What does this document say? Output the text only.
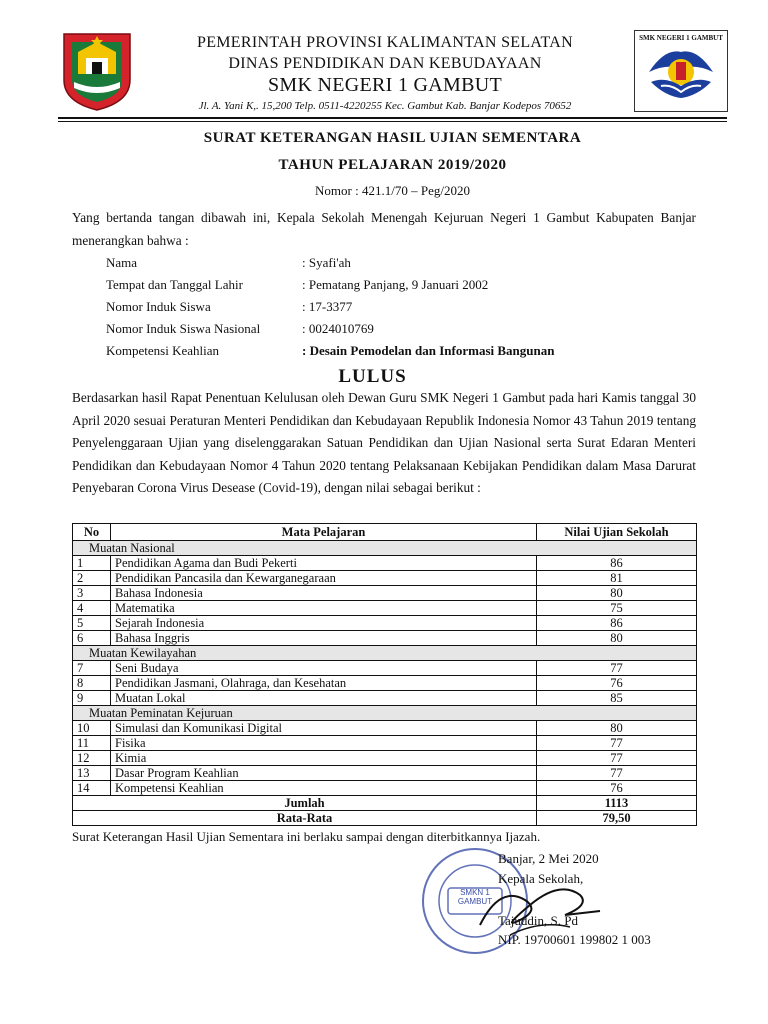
PEMERINTAH PROVINSI KALIMANTAN SELATAN
DINAS PENDIDIKAN DAN KEBUDAYAAN
SMK NEGERI 1 GAMBUT
Jl. A. Yani K,. 15,200 Telp. 0511-4220255 Kec. Gambut Kab. Banjar Kodepos 70652
SMK NEGERI 1 GAMBUT
SURAT KETERANGAN HASIL UJIAN SEMENTARA
TAHUN PELAJARAN 2019/2020
Nomor : 421.1/70 – Peg/2020

Yang bertanda tangan dibawah ini, Kepala Sekolah Menengah Kejuruan Negeri 1 Gambut Kabupaten Banjar menerangkan bahwa :

Nama	: Syafi'ah
Tempat dan Tanggal Lahir	: Pematang Panjang, 9 Januari 2002
Nomor Induk Siswa	: 17-3377
Nomor Induk Siswa Nasional	: 0024010769
Kompetensi Keahlian	: Desain Pemodelan dan Informasi Bangunan
LULUS

Berdasarkan hasil Rapat Penentuan Kelulusan oleh Dewan Guru SMK Negeri 1 Gambut pada hari Kamis tanggal 30 April 2020 sesuai Peraturan Menteri Pendidikan dan Kebudayaan Republik Indonesia Nomor 43 Tahun 2019 tentang Penyelenggaraan Ujian yang diselenggarakan Satuan Pendidikan dan Ujian Nasional serta Surat Edaran Menteri Pendidikan dan Kebudayaan Nomor 4 Tahun 2020 tentang Pelaksanaan Kebijakan Pendidikan dalam Masa Darurat Penyebaran Corona Virus Desease (Covid-19), dengan nilai sebagai berikut :

No	Mata Pelajaran	Nilai Ujian Sekolah
Muatan Nasional		
1	Pendidikan Agama dan Budi Pekerti	86
2	Pendidikan Pancasila dan Kewarganegaraan	81
3	Bahasa Indonesia	80
4	Matematika	75
5	Sejarah Indonesia	86
6	Bahasa Inggris	80
Muatan Kewilayahan		
7	Seni Budaya	77
8	Pendidikan Jasmani, Olahraga, dan Kesehatan	76
9	Muatan Lokal	85
Muatan Peminatan Kejuruan		
10	Simulasi dan Komunikasi Digital	80
11	Fisika	77
12	Kimia	77
13	Dasar Program Keahlian	77
14	Kompetensi Keahlian	76
Jumlah		1113
Rata-Rata		79,50
Surat Keterangan Hasil Ujian Sementara ini berlaku sampai dengan diterbitkannya Ijazah.
SMKN 1 GAMBUT
Banjar, 2 Mei 2020
Kepala Sekolah,
Tajuddin, S. Pd
NIP. 19700601 199802 1 003
